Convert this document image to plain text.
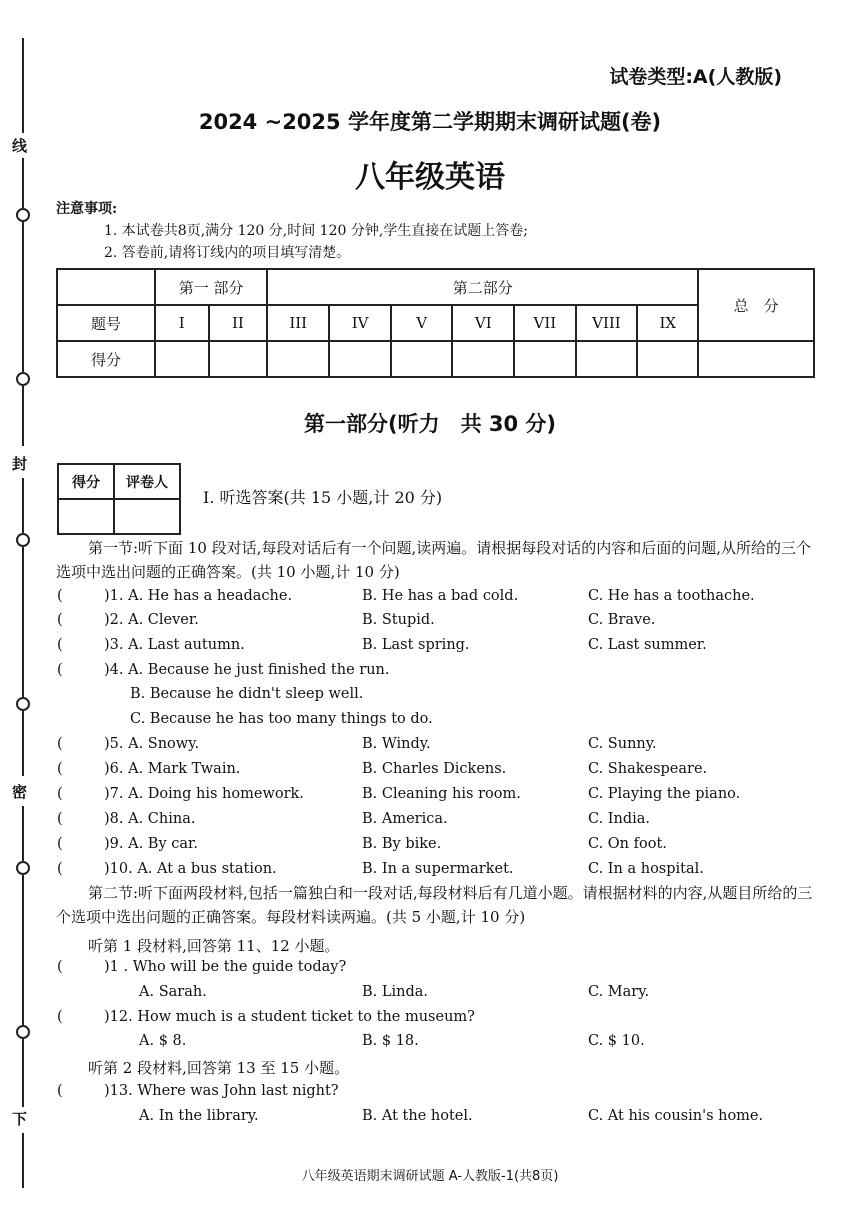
线
封
密
下
试卷类型:A(人教版)
2024 ~2025 学年度第二学期期末调研试题(卷)
八年级英语
注意事项:
1. 本试卷共8页,满分 120 分,时间 120 分钟,学生直接在试题上答卷;
2. 答卷前,请将订线内的项目填写清楚。
	第一 部分		第二部分							总　分
题号	I	II	III	IV	V	VI	VII	VIII	IX	
得分										
第一部分(听力　共 30 分)
得分	评卷人

I. 听选答案(共 15 小题,计 20 分)
第一节:听下面 10 段对话,每段对话后有一个问题,读两遍。请根据每段对话的内容和后面的问题,从所给的三个选项中选出问题的正确答案。(共 10 小题,计 10 分)
(	)1. A. He has a headache.	B. He has a bad cold.	C. He has a toothache.
(	)2. A. Clever.	B. Stupid.	C. Brave.
(	)3. A. Last autumn.	B. Last spring.	C. Last summer.
(	)4. A. Because he just finished the run.
B. Because he didn't sleep well.
C. Because he has too many things to do.
(	)5. A. Snowy.	B. Windy.	C. Sunny.
(	)6. A. Mark Twain.	B. Charles Dickens.	C. Shakespeare.
(	)7. A. Doing his homework.	B. Cleaning his room.	C. Playing the piano.
(	)8. A. China.	B. America.	C. India.
(	)9. A. By car.	B. By bike.	C. On foot.
(	)10. A. At a bus station.	B. In a supermarket.	C. In a hospital.
第二节:听下面两段材料,包括一篇独白和一段对话,每段材料后有几道小题。请根据材料的内容,从题目所给的三个选项中选出问题的正确答案。每段材料读两遍。(共 5 小题,计 10 分)
听第 1 段材料,回答第 11、12 小题。
(	)1 . Who will be the guide today?
A. Sarah.	B. Linda.	C. Mary.
(	)12. How much is a student ticket to the museum?
A. $ 8.	B. $ 18.	C. $ 10.
听第 2 段材料,回答第 13 至 15 小题。
(	)13. Where was John last night?
A. In the library.	B. At the hotel.	C. At his cousin's home.
八年级英语期末调研试题 A-人教版-1(共8页)
